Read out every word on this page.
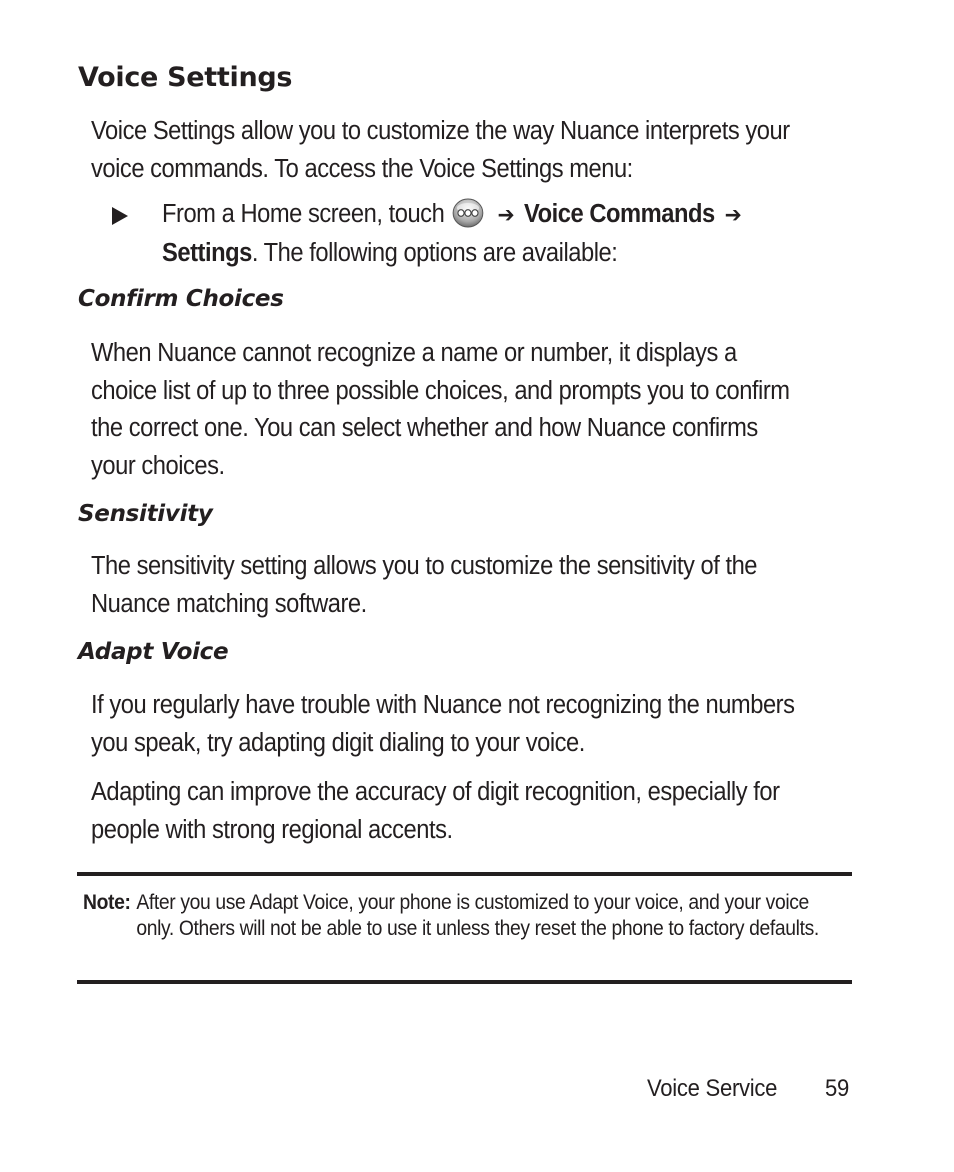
Voice Settings

Voice Settings allow you to customize the way Nuance interprets your voice commands. To access the Voice Settings menu:

From a Home screen, touch ➔ Voice Commands ➔
Settings. The following options are available:
Confirm Choices

When Nuance cannot recognize a name or number, it displays a choice list of up to three possible choices, and prompts you to confirm the correct one. You can select whether and how Nuance confirms your choices.

Sensitivity

The sensitivity setting allows you to customize the sensitivity of the Nuance matching software.

Adapt Voice

If you regularly have trouble with Nuance not recognizing the numbers you speak, try adapting digit dialing to your voice.

Adapting can improve the accuracy of digit recognition, especially for people with strong regional accents.

Note: After you use Adapt Voice, your phone is customized to your voice, and your voice only. Others will not be able to use it unless they reset the phone to factory defaults.
Voice Service 59
